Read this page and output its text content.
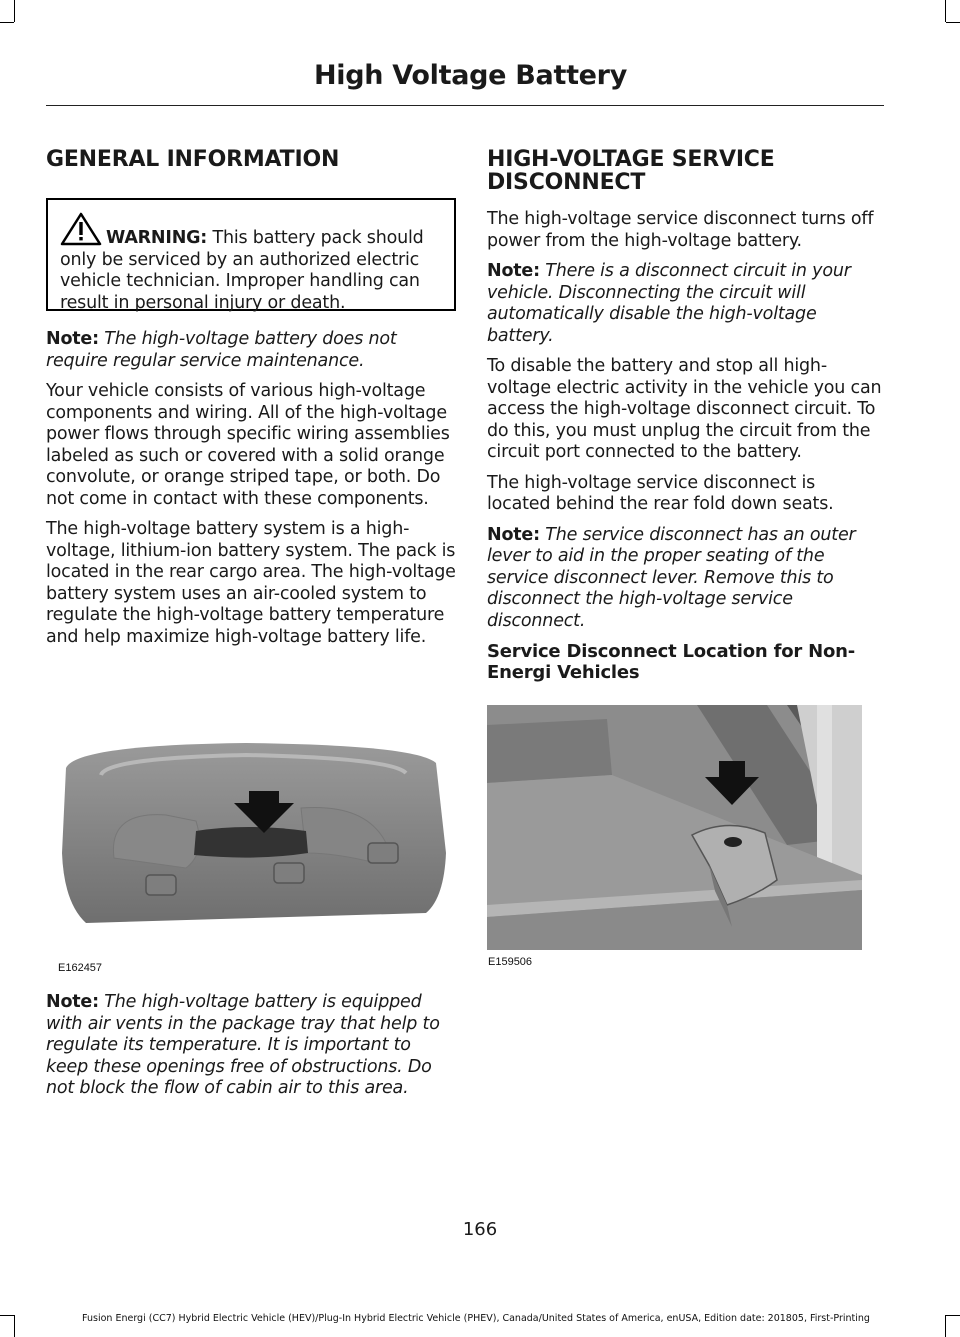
High Voltage Battery
GENERAL INFORMATION

WARNING: This battery pack should only be serviced by an authorized electric vehicle technician. Improper handling can result in personal injury or death.

Note: The high-voltage battery does not require regular service maintenance.

Your vehicle consists of various high-voltage components and wiring. All of the high-voltage power flows through specific wiring assemblies labeled as such or covered with a solid orange convolute, or orange striped tape, or both. Do not come in contact with these components.

The high-voltage battery system is a high-voltage, lithium-ion battery system. The pack is located in the rear cargo area. The high-voltage battery system uses an air-cooled system to regulate the high-voltage battery temperature and help maximize high-voltage battery life.

E162457

Note: The high-voltage battery is equipped with air vents in the package tray that help to regulate its temperature. It is important to keep these openings free of obstructions. Do not block the flow of cabin air to this area.

HIGH-VOLTAGE SERVICE DISCONNECT

The high-voltage service disconnect turns off power from the high-voltage battery.

Note: There is a disconnect circuit in your vehicle. Disconnecting the circuit will automatically disable the high-voltage battery.

To disable the battery and stop all high-voltage electric activity in the vehicle you can access the high-voltage disconnect circuit. To do this, you must unplug the circuit from the circuit port connected to the battery.

The high-voltage service disconnect is located behind the rear fold down seats.

Note: The service disconnect has an outer lever to aid in the proper seating of the service disconnect lever. Remove this to disconnect the high-voltage service disconnect.

Service Disconnect Location for Non-Energi Vehicles
E159506
166
Fusion Energi (CC7) Hybrid Electric Vehicle (HEV)/Plug-In Hybrid Electric Vehicle (PHEV), Canada/United States of America, enUSA, Edition date: 201805, First-Printing
